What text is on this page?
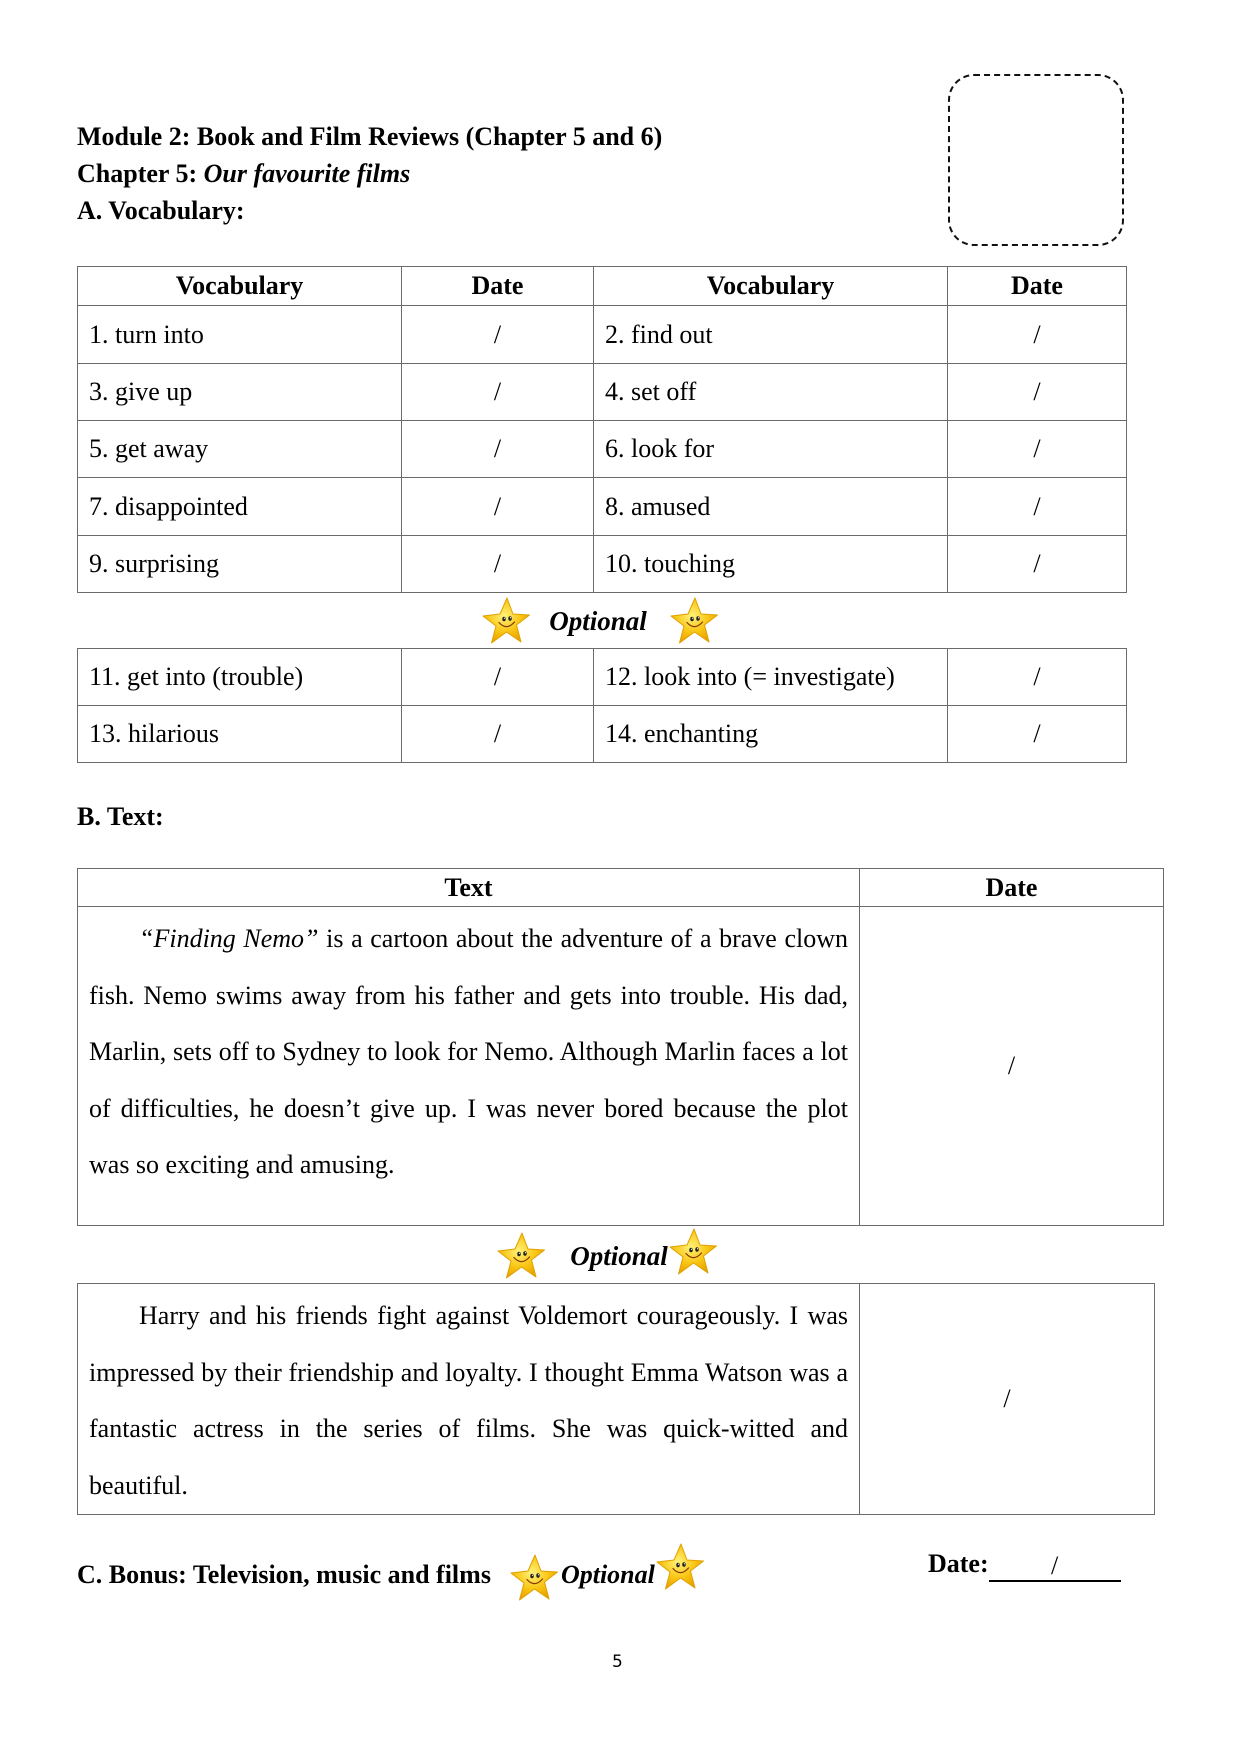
Module 2: Book and Film Reviews (Chapter 5 and 6)
Chapter 5: Our favourite films
A. Vocabulary:
Vocabulary	Date	Vocabulary	Date
1. turn into	/	2. find out	/
3. give up	/	4. set off	/
5. get away	/	6. look for	/
7. disappointed	/	8. amused	/
9. surprising	/	10. touching	/
Optional
11. get into (trouble)	/	12. look into (= investigate)	/
13. hilarious	/	14. enchanting	/
B. Text:
Text	Date
“Finding Nemo” is a cartoon about the adventure of a brave clown fish. Nemo swims away from his father and gets into trouble. His dad, Marlin, sets off to Sydney to look for Nemo. Although Marlin faces a lot of difficulties, he doesn’t give up. I was never bored because the plot was so exciting and amusing.	/
Optional
Harry and his friends fight against Voldemort courageously. I was impressed by their friendship and loyalty. I thought Emma Watson was a fantastic actress in the series of films. She was quick-witted and beautiful.	/
C. Bonus: Television, music and films	Optional	Date:	/
5
